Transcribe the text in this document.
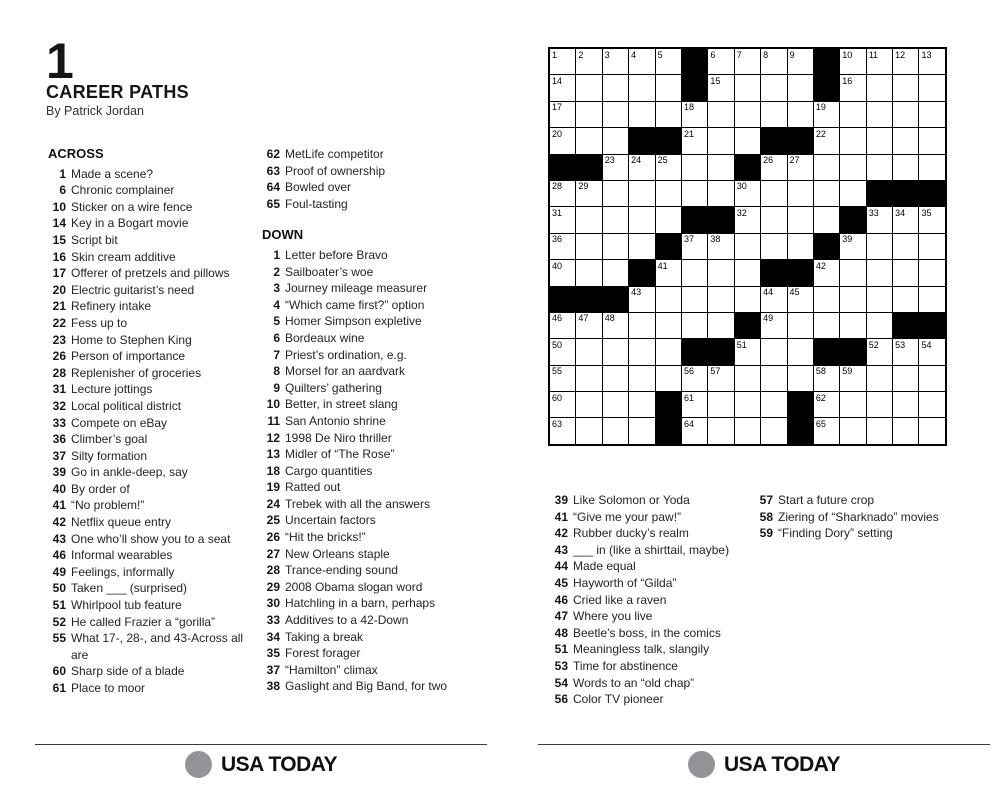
1
CAREER PATHS
By Patrick Jordan
ACROSS
1 Made a scene?
6 Chronic complainer
10 Sticker on a wire fence
14 Key in a Bogart movie
15 Script bit
16 Skin cream additive
17 Offerer of pretzels and pillows
20 Electric guitarist’s need
21 Refinery intake
22 Fess up to
23 Home to Stephen King
26 Person of importance
28 Replenisher of groceries
31 Lecture jottings
32 Local political district
33 Compete on eBay
36 Climber’s goal
37 Silty formation
39 Go in ankle-deep, say
40 By order of
41 “No problem!”
42 Netflix queue entry
43 One who’ll show you to a seat
46 Informal wearables
49 Feelings, informally
50 Taken ___ (surprised)
51 Whirlpool tub feature
52 He called Frazier a “gorilla”
55 What 17-, 28-, and 43-Across all are
60 Sharp side of a blade
61 Place to moor
62 MetLife competitor
63 Proof of ownership
64 Bowled over
65 Foul-tasting
DOWN
1 Letter before Bravo
2 Sailboater’s woe
3 Journey mileage measurer
4 “Which came first?” option
5 Homer Simpson expletive
6 Bordeaux wine
7 Priest’s ordination, e.g.
8 Morsel for an aardvark
9 Quilters’ gathering
10 Better, in street slang
11 San Antonio shrine
12 1998 De Niro thriller
13 Midler of “The Rose”
18 Cargo quantities
19 Ratted out
24 Trebek with all the answers
25 Uncertain factors
26 “Hit the bricks!”
27 New Orleans staple
28 Trance-ending sound
29 2008 Obama slogan word
30 Hatchling in a barn, perhaps
33 Additives to a 42-Down
34 Taking a break
35 Forest forager
37 “Hamilton” climax
38 Gaslight and Big Band, for two
1 2 3 4 5	6 7 8 9	10 11 12 13
14	15	16
17	18	19
20	21	22
23 24 25	26 27
28 29	30
31	32	33 34 35
36	37 38	39
40	41	42
43	44 45
46 47 48	49
50	51	52 53 54
55	56 57	58 59
60	61	62
63	64	65
39 Like Solomon or Yoda
41 “Give me your paw!”
42 Rubber ducky’s realm
43 ___ in (like a shirttail, maybe)
44 Made equal
45 Hayworth of “Gilda”
46 Cried like a raven
47 Where you live
48 Beetle’s boss, in the comics
51 Meaningless talk, slangily
53 Time for abstinence
54 Words to an “old chap”
56 Color TV pioneer
57 Start a future crop
58 Ziering of “Sharknado” movies
59 “Finding Dory” setting
USA TODAY	USA TODAY
